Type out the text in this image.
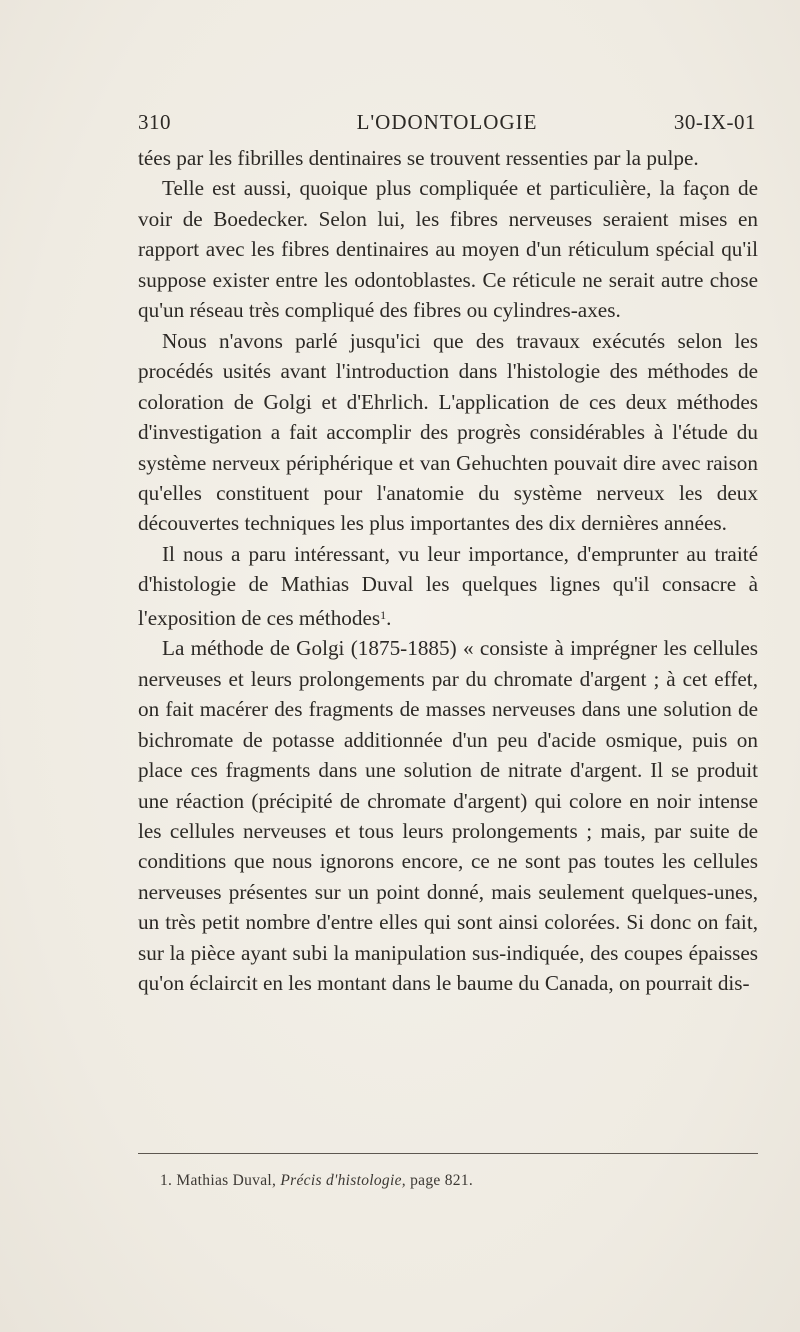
310	L'ODONTOLOGIE	30-IX-01

tées par les fibrilles dentinaires se trouvent ressenties par la pulpe.

Telle est aussi, quoique plus compliquée et particulière, la façon de voir de Boedecker. Selon lui, les fibres nerveuses seraient mises en rapport avec les fibres dentinaires au moyen d'un réticulum spécial qu'il suppose exister entre les odontoblastes. Ce réticule ne serait autre chose qu'un réseau très compliqué des fibres ou cylindres-axes.

Nous n'avons parlé jusqu'ici que des travaux exécutés selon les procédés usités avant l'introduction dans l'histologie des méthodes de coloration de Golgi et d'Ehrlich. L'application de ces deux méthodes d'investigation a fait accomplir des progrès considérables à l'étude du système nerveux périphérique et van Gehuchten pouvait dire avec raison qu'elles constituent pour l'anatomie du système nerveux les deux découvertes techniques les plus importantes des dix dernières années.

Il nous a paru intéressant, vu leur importance, d'emprunter au traité d'histologie de Mathias Duval les quelques lignes qu'il consacre à l'exposition de ces méthodes$^1$.

La méthode de Golgi (1875-1885) « consiste à imprégner les cellules nerveuses et leurs prolongements par du chromate d'argent ; à cet effet, on fait macérer des fragments de masses nerveuses dans une solution de bichromate de potasse additionnée d'un peu d'acide osmique, puis on place ces fragments dans une solution de nitrate d'argent. Il se produit une réaction (précipité de chromate d'argent) qui colore en noir intense les cellules nerveuses et tous leurs prolongements ; mais, par suite de conditions que nous ignorons encore, ce ne sont pas toutes les cellules nerveuses présentes sur un point donné, mais seulement quelques-unes, un très petit nombre d'entre elles qui sont ainsi colorées. Si donc on fait, sur la pièce ayant subi la manipulation sus-indiquée, des coupes épaisses qu'on éclaircit en les montant dans le baume du Canada, on pourrait dis-

1. Mathias Duval, Précis d'histologie, page 821.
